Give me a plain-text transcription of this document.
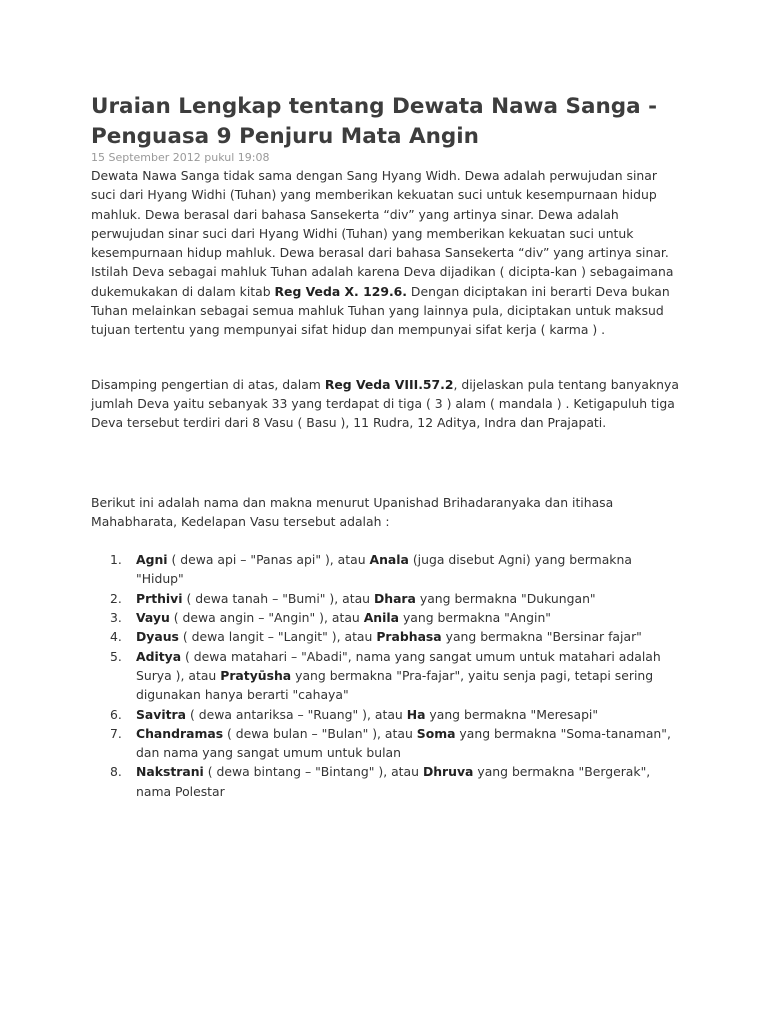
Uraian Lengkap tentang Dewata Nawa Sanga - Penguasa 9 Penjuru Mata Angin

15 September 2012 pukul 19:08

Dewata Nawa Sanga tidak sama dengan Sang Hyang Widh. Dewa adalah perwujudan sinar suci dari Hyang Widhi (Tuhan) yang memberikan kekuatan suci untuk kesempurnaan hidup mahluk. Dewa berasal dari bahasa Sansekerta “div” yang artinya sinar. Dewa adalah perwujudan sinar suci dari Hyang Widhi (Tuhan) yang memberikan kekuatan suci untuk kesempurnaan hidup mahluk. Dewa berasal dari bahasa Sansekerta “div” yang artinya sinar. Istilah Deva sebagai mahluk Tuhan adalah karena Deva dijadikan ( dicipta-kan ) sebagaimana dukemukakan di dalam kitab Reg Veda X. 129.6. Dengan diciptakan ini berarti Deva bukan Tuhan melainkan sebagai semua mahluk Tuhan yang lainnya pula, diciptakan untuk maksud tujuan tertentu yang mempunyai sifat hidup dan mempunyai sifat kerja ( karma ) .

Disamping pengertian di atas, dalam Reg Veda VIII.57.2, dijelaskan pula tentang banyaknya jumlah Deva yaitu sebanyak 33 yang terdapat di tiga ( 3 ) alam ( mandala ) . Ketigapuluh tiga Deva tersebut terdiri dari 8 Vasu ( Basu ), 11 Rudra, 12 Aditya, Indra dan Prajapati.

Berikut ini adalah nama dan makna menurut Upanishad Brihadaranyaka dan itihasa Mahabharata, Kedelapan Vasu tersebut adalah :

1. Agni ( dewa api – "Panas api" ), atau Anala (juga disebut Agni) yang bermakna "Hidup"
2. Prthivi ( dewa tanah – "Bumi" ), atau Dhara yang bermakna "Dukungan"
3. Vayu ( dewa angin – "Angin" ), atau Anila yang bermakna "Angin"
4. Dyaus ( dewa langit – "Langit" ), atau Prabhasa yang bermakna "Bersinar fajar"
5. Aditya ( dewa matahari – "Abadi", nama yang sangat umum untuk matahari adalah Surya ), atau Pratyūsha yang bermakna "Pra-fajar", yaitu senja pagi, tetapi sering digunakan hanya berarti "cahaya"
6. Savitra ( dewa antariksa – "Ruang" ), atau Ha yang bermakna "Meresapi"
7. Chandramas ( dewa bulan – "Bulan" ), atau Soma yang bermakna "Soma-tanaman", dan nama yang sangat umum untuk bulan
8. Nakstrani ( dewa bintang – "Bintang" ), atau Dhruva yang bermakna "Bergerak", nama Polestar
